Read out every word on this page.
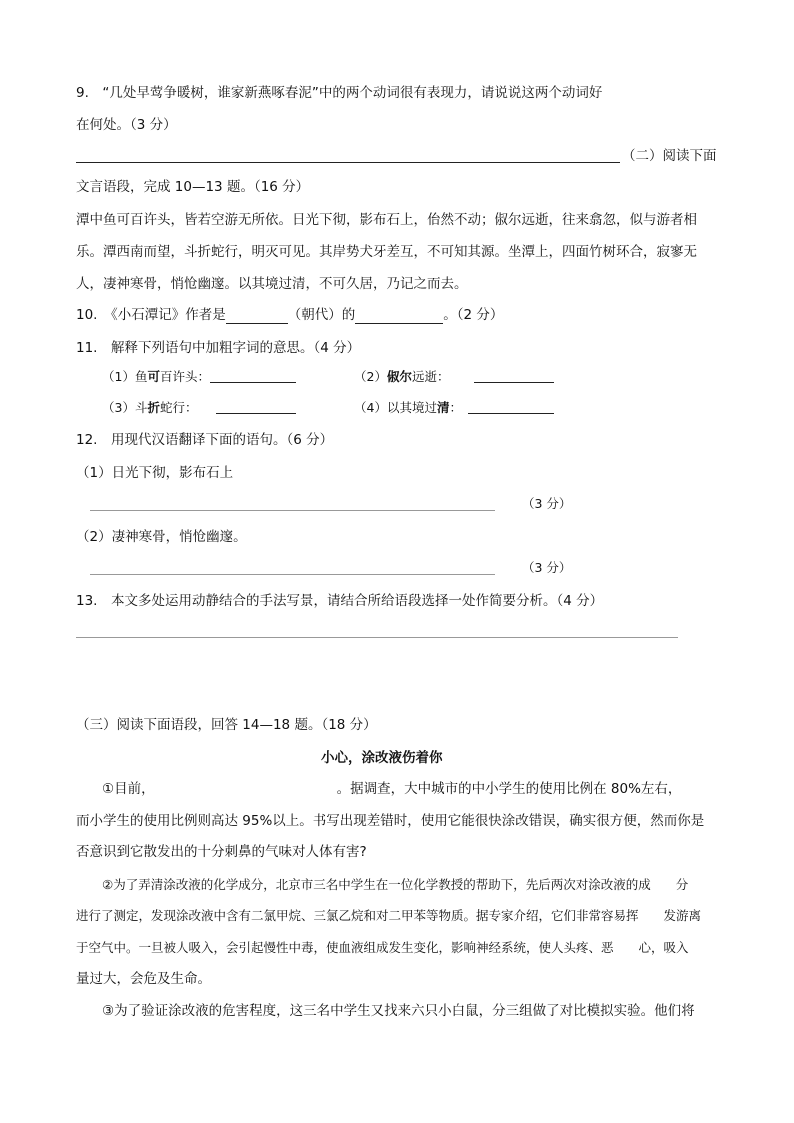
9.　“几处早莺争暖树，谁家新燕啄春泥”中的两个动词很有表现力，请说说这两个动词好
在何处。（3 分）
（二）阅读下面
文言语段，完成 10—13 题。（16 分）
潭中鱼可百许头，皆若空游无所依。日光下彻，影布石上，佁然不动；俶尔远逝，往来翕忽，似与游者相
乐。潭西南而望，斗折蛇行，明灭可见。其岸势犬牙差互，不可知其源。坐潭上，四面竹树环合，寂寥无
人，凄神寒骨，悄怆幽邃。以其境过清，不可久居，乃记之而去。
10.　《小石潭记》作者是	（朝代）的	。（2 分）
11.　解释下列语句中加粗字词的意思。（4 分）
（1）鱼可百许头：	（2）俶尔远逝：
（3）斗折蛇行：	（4）以其境过清：
12.　用现代汉语翻译下面的语句。（6 分）
（1）日光下彻，影布石上
（3 分）
（2）凄神寒骨，悄怆幽邃。
（3 分）
13.　本文多处运用动静结合的手法写景，请结合所给语段选择一处作简要分析。（4 分）
（三）阅读下面语段，回答 14—18 题。（18 分）
小心，涂改液伤着你
①目前，	。据调查，大中城市的中小学生的使用比例在 80%左右，
而小学生的使用比例则高达 95%以上。书写出现差错时，使用它能很快涂改错误，确实很方便，然而你是
否意识到它散发出的十分刺鼻的气味对人体有害?
②为了弄清涂改液的化学成分，北京市三名中学生在一位化学教授的帮助下，先后两次对涂改液的成　　分
进行了测定，发现涂改液中含有二氯甲烷、三氯乙烷和对二甲苯等物质。据专家介绍，它们非常容易挥　　发游离
于空气中。一旦被人吸入，会引起慢性中毒，使血液组成发生变化，影响神经系统，使人头疼、恶　　心，吸入
量过大，会危及生命。
③为了验证涂改液的危害程度，这三名中学生又找来六只小白鼠，分三组做了对比模拟实验。他们将
